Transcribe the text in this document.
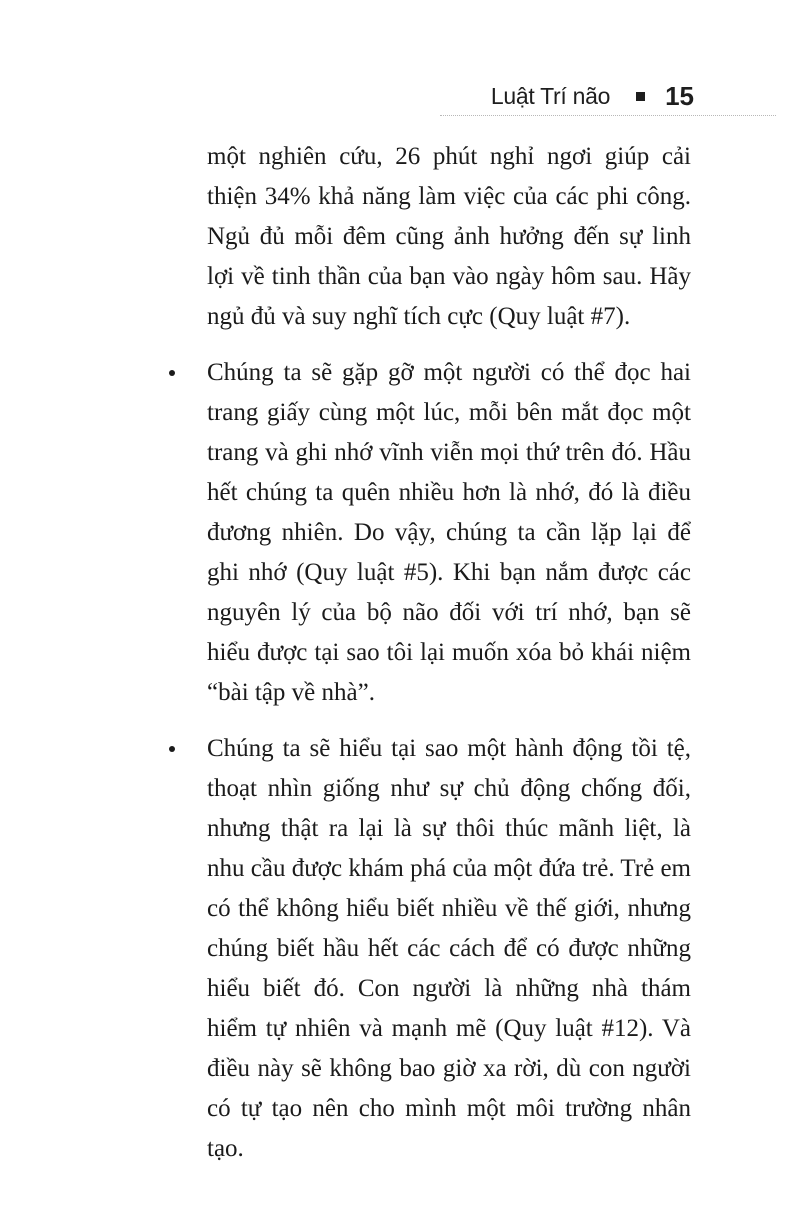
Luật Trí não 15

một nghiên cứu, 26 phút nghỉ ngơi giúp cải thiện 34% khả năng làm việc của các phi công. Ngủ đủ mỗi đêm cũng ảnh hưởng đến sự linh lợi về tinh thần của bạn vào ngày hôm sau. Hãy ngủ đủ và suy nghĩ tích cực (Quy luật #7).

Chúng ta sẽ gặp gỡ một người có thể đọc hai trang giấy cùng một lúc, mỗi bên mắt đọc một trang và ghi nhớ vĩnh viễn mọi thứ trên đó. Hầu hết chúng ta quên nhiều hơn là nhớ, đó là điều đương nhiên. Do vậy, chúng ta cần lặp lại để ghi nhớ (Quy luật #5). Khi bạn nắm được các nguyên lý của bộ não đối với trí nhớ, bạn sẽ hiểu được tại sao tôi lại muốn xóa bỏ khái niệm “bài tập về nhà”.

Chúng ta sẽ hiểu tại sao một hành động tồi tệ, thoạt nhìn giống như sự chủ động chống đối, nhưng thật ra lại là sự thôi thúc mãnh liệt, là nhu cầu được khám phá của một đứa trẻ. Trẻ em có thể không hiểu biết nhiều về thế giới, nhưng chúng biết hầu hết các cách để có được những hiểu biết đó. Con người là những nhà thám hiểm tự nhiên và mạnh mẽ (Quy luật #12). Và điều này sẽ không bao giờ xa rời, dù con người có tự tạo nên cho mình một môi trường nhân tạo.
